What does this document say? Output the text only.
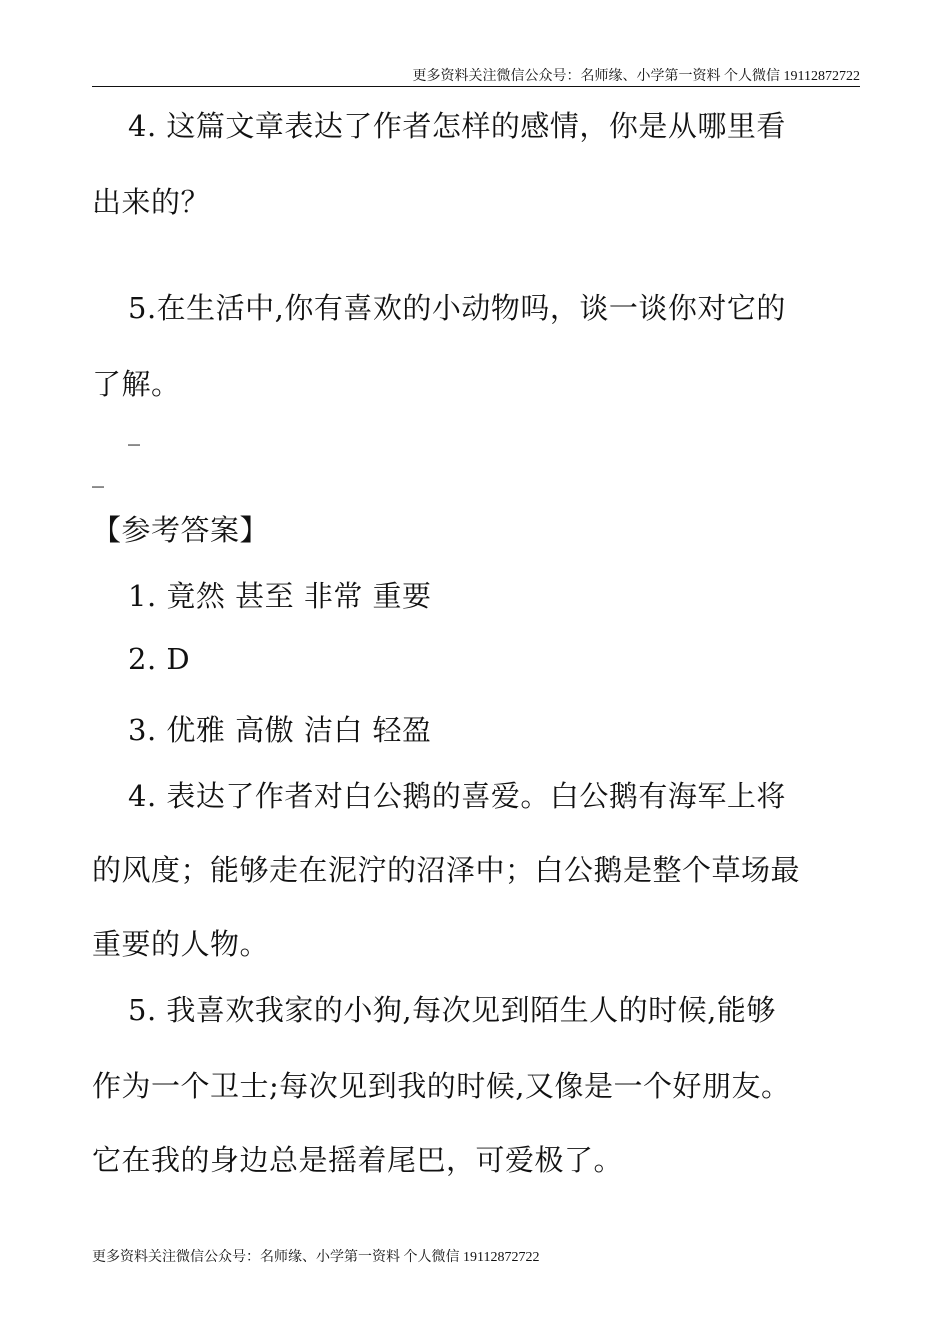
更多资料关注微信公众号：名师缘、小学第一资料 个人微信 19112872722
4. 这篇文章表达了作者怎样的感情，你是从哪里看
出来的？
5.在生活中,你有喜欢的小动物吗，谈一谈你对它的
了解。
_
_
【参考答案】
1. 竟然 甚至 非常 重要
2. D
3. 优雅 高傲 洁白 轻盈
4. 表达了作者对白公鹅的喜爱。白公鹅有海军上将
的风度；能够走在泥泞的沼泽中；白公鹅是整个草场最
重要的人物。
5. 我喜欢我家的小狗,每次见到陌生人的时候,能够
作为一个卫士;每次见到我的时候,又像是一个好朋友。
它在我的身边总是摇着尾巴，可爱极了。
更多资料关注微信公众号：名师缘、小学第一资料 个人微信 19112872722
